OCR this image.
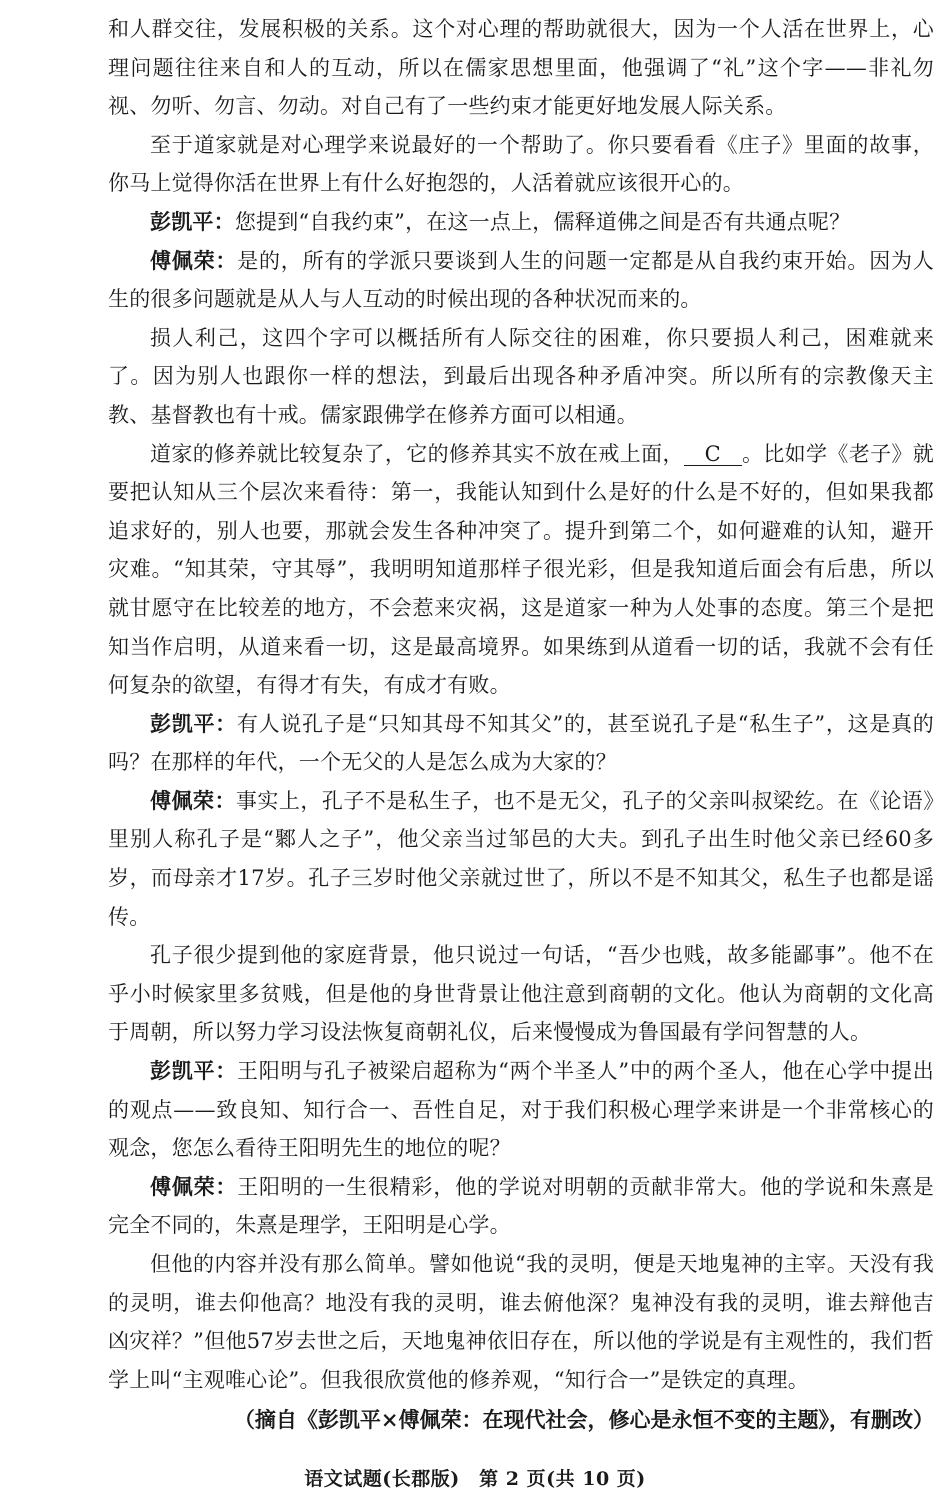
和人群交往，发展积极的关系。这个对心理的帮助就很大，因为一个人活在世界上，心理问题往往来自和人的互动，所以在儒家思想里面，他强调了“礼”这个字——非礼勿视、勿听、勿言、勿动。对自己有了一些约束才能更好地发展人际关系。

至于道家就是对心理学来说最好的一个帮助了。你只要看看《庄子》里面的故事，你马上觉得你活在世界上有什么好抱怨的，人活着就应该很开心的。

彭凯平：您提到“自我约束”，在这一点上，儒释道佛之间是否有共通点呢？

傅佩荣：是的，所有的学派只要谈到人生的问题一定都是从自我约束开始。因为人生的很多问题就是从人与人互动的时候出现的各种状况而来的。

损人利己，这四个字可以概括所有人际交往的困难，你只要损人利己，困难就来了。因为别人也跟你一样的想法，到最后出现各种矛盾冲突。所以所有的宗教像天主教、基督教也有十戒。儒家跟佛学在修养方面可以相通。

道家的修养就比较复杂了，它的修养其实不放在戒上面， C 。比如学《老子》就要把认知从三个层次来看待：第一，我能认知到什么是好的什么是不好的，但如果我都追求好的，别人也要，那就会发生各种冲突了。提升到第二个，如何避难的认知，避开灾难。“知其荣，守其辱”，我明明知道那样子很光彩，但是我知道后面会有后患，所以就甘愿守在比较差的地方，不会惹来灾祸，这是道家一种为人处事的态度。第三个是把知当作启明，从道来看一切，这是最高境界。如果练到从道看一切的话，我就不会有任何复杂的欲望，有得才有失，有成才有败。

彭凯平：有人说孔子是“只知其母不知其父”的，甚至说孔子是“私生子”，这是真的吗？在那样的年代，一个无父的人是怎么成为大家的？

傅佩荣：事实上，孔子不是私生子，也不是无父，孔子的父亲叫叔梁纥。在《论语》里别人称孔子是“鄹人之子”，他父亲当过邹邑的大夫。到孔子出生时他父亲已经60多岁，而母亲才17岁。孔子三岁时他父亲就过世了，所以不是不知其父，私生子也都是谣传。

孔子很少提到他的家庭背景，他只说过一句话，“吾少也贱，故多能鄙事”。他不在乎小时候家里多贫贱，但是他的身世背景让他注意到商朝的文化。他认为商朝的文化高于周朝，所以努力学习设法恢复商朝礼仪，后来慢慢成为鲁国最有学问智慧的人。

彭凯平：王阳明与孔子被梁启超称为“两个半圣人”中的两个圣人，他在心学中提出的观点——致良知、知行合一、吾性自足，对于我们积极心理学来讲是一个非常核心的观念，您怎么看待王阳明先生的地位的呢？

傅佩荣：王阳明的一生很精彩，他的学说对明朝的贡献非常大。他的学说和朱熹是完全不同的，朱熹是理学，王阳明是心学。

但他的内容并没有那么简单。譬如他说“我的灵明，便是天地鬼神的主宰。天没有我的灵明，谁去仰他高？地没有我的灵明，谁去俯他深？鬼神没有我的灵明，谁去辩他吉凶灾祥？”但他57岁去世之后，天地鬼神依旧存在，所以他的学说是有主观性的，我们哲学上叫“主观唯心论”。但我很欣赏他的修养观，“知行合一”是铁定的真理。

（摘自《彭凯平×傅佩荣：在现代社会，修心是永恒不变的主题》，有删改）

语文试题(长郡版)　第 2 页(共 10 页)
